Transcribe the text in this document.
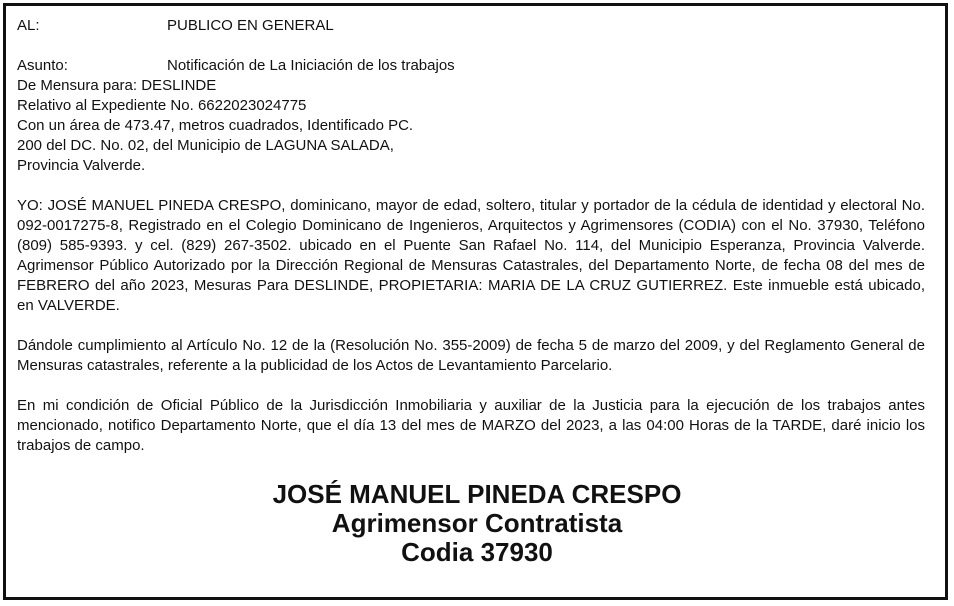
AL:	PUBLICO EN GENERAL
Asunto:	Notificación de La Iniciación de los trabajos
De Mensura para: DESLINDE
Relativo al Expediente No. 6622023024775
Con un área de 473.47, metros cuadrados, Identificado PC.
200 del DC. No. 02, del Municipio de LAGUNA SALADA,
Provincia Valverde.

YO: JOSÉ MANUEL PINEDA CRESPO, dominicano, mayor de edad, soltero, titular y portador de la cédula de identidad y electoral No. 092-0017275-8, Registrado en el Colegio Dominicano de Ingenieros, Arquitectos y Agrimensores (CODIA) con el No. 37930, Teléfono (809) 585-9393. y cel. (829) 267-3502. ubicado en el Puente San Rafael No. 114, del Municipio Esperanza, Provincia Valverde. Agrimensor Público Autorizado por la Dirección Regional de Mensuras Catastrales, del Departamento Norte, de fecha 08 del mes de FEBRERO del año 2023, Mesuras Para DESLINDE, PROPIETARIA: MARIA DE LA CRUZ GUTIERREZ. Este inmueble está ubicado, en VALVERDE.

Dándole cumplimiento al Artículo No. 12 de la (Resolución No. 355-2009) de fecha 5 de marzo del 2009, y del Reglamento General de Mensuras catastrales, referente a la publicidad de los Actos de Levantamiento Parcelario.

En mi condición de Oficial Público de la Jurisdicción Inmobiliaria y auxiliar de la Justicia para la ejecución de los trabajos antes mencionado, notifico Departamento Norte, que el día 13 del mes de MARZO del 2023, a las 04:00 Horas de la TARDE, daré inicio los trabajos de campo.

JOSÉ MANUEL PINEDA CRESPO
Agrimensor Contratista
Codia 37930
